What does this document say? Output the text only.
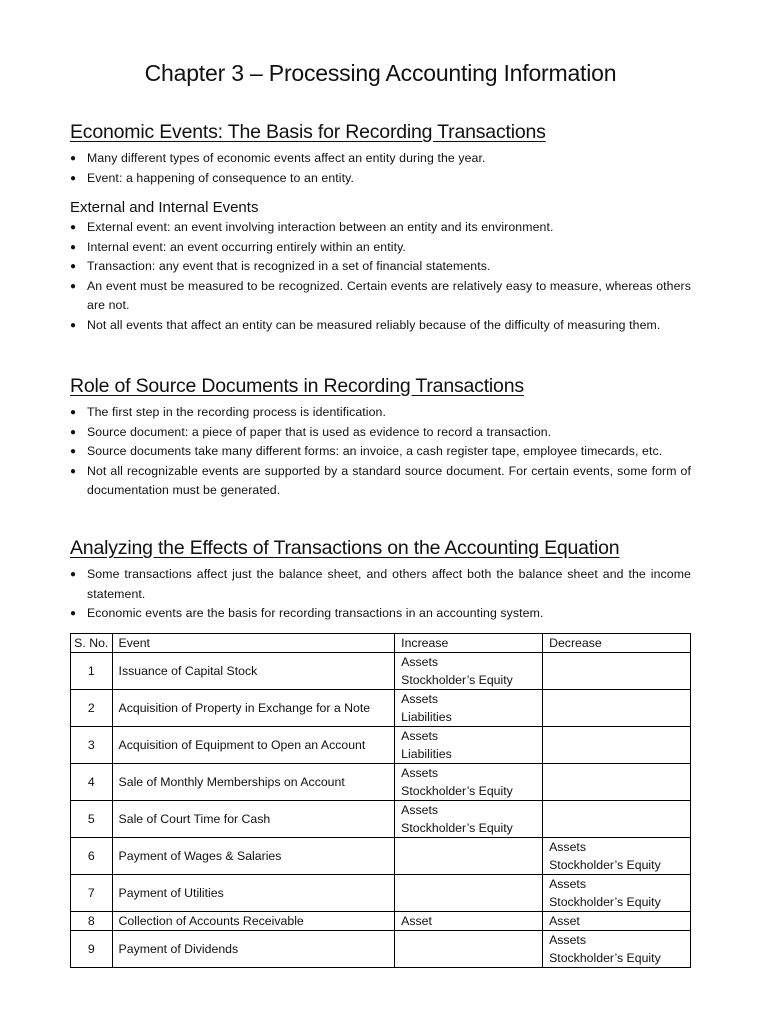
Chapter 3 – Processing Accounting Information
Economic Events: The Basis for Recording Transactions
● Many different types of economic events affect an entity during the year.
● Event: a happening of consequence to an entity.
External and Internal Events
● External event: an event involving interaction between an entity and its environment.
● Internal event: an event occurring entirely within an entity.
● Transaction: any event that is recognized in a set of financial statements.
● An event must be measured to be recognized. Certain events are relatively easy to measure, whereas others are not.
● Not all events that affect an entity can be measured reliably because of the difficulty of measuring them.
Role of Source Documents in Recording Transactions
● The first step in the recording process is identification.
● Source document: a piece of paper that is used as evidence to record a transaction.
● Source documents take many different forms: an invoice, a cash register tape, employee timecards, etc.
● Not all recognizable events are supported by a standard source document. For certain events, some form of documentation must be generated.
Analyzing the Effects of Transactions on the Accounting Equation
● Some transactions affect just the balance sheet, and others affect both the balance sheet and the income statement.
● Economic events are the basis for recording transactions in an accounting system.
S. No.	Event	Increase	Decrease
1	Issuance of Capital Stock	Assets
Stockholder’s Equity	

2	Acquisition of Property in Exchange for a Note	Assets
Liabilities	

3	Acquisition of Equipment to Open an Account	Assets
Liabilities	

4	Sale of Monthly Memberships on Account	Assets
Stockholder’s Equity	

5	Sale of Court Time for Cash	Assets
Stockholder’s Equity	

6	Payment of Wages & Salaries		Assets
Stockholder’s Equity

7	Payment of Utilities		Assets
Stockholder’s Equity

8	Collection of Accounts Receivable	Asset	Asset

9	Payment of Dividends		Assets
Stockholder’s Equity
